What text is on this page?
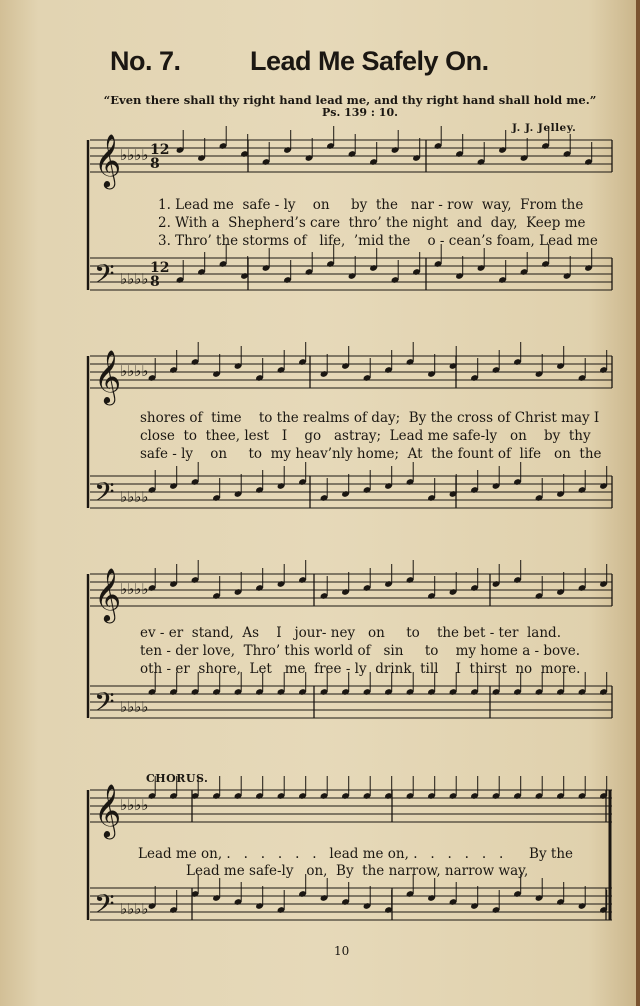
No. 7.	Lead Me Safely On.
“Even there shall thy right hand lead me, and thy right hand shall hold me.”
Ps. 139 : 10.
J. J. Jelley.
𝄞
𝄢
♭♭♭♭
♭♭♭♭
12
12
8
8
𝄞
𝄢
♭♭♭♭
♭♭♭♭
𝄞
𝄢
♭♭♭♭
♭♭♭♭
𝄞
𝄢
♭♭♭♭
♭♭♭♭
1. Lead me  safe - ly    on     by  the   nar - row  way,  From the
2. With a  Shepherd’s care  thro’ the night  and  day,  Keep me
3. Thro’ the storms of   life,  ’mid the    o - cean’s foam, Lead me
shores of  time    to the realms of day;  By the cross of Christ may I
close  to  thee, lest   I    go   astray;  Lead me safe-ly   on    by  thy
safe - ly    on     to  my heav’nly home;  At  the fount of  life   on  the
ev - er  stand,  As    I   jour- ney   on     to    the bet - ter  land.
ten - der love,  Thro’ this world of   sin     to    my home a - bove.
oth - er  shore,  Let   me  free - ly  drink  till    I  thirst  no  more.
CHORUS.
Lead me on, .   .   .   .   .   .   lead me on, .   .   .   .   .   .      By the
Lead me safe-ly   on,  By  the narrow, narrow way,
10
